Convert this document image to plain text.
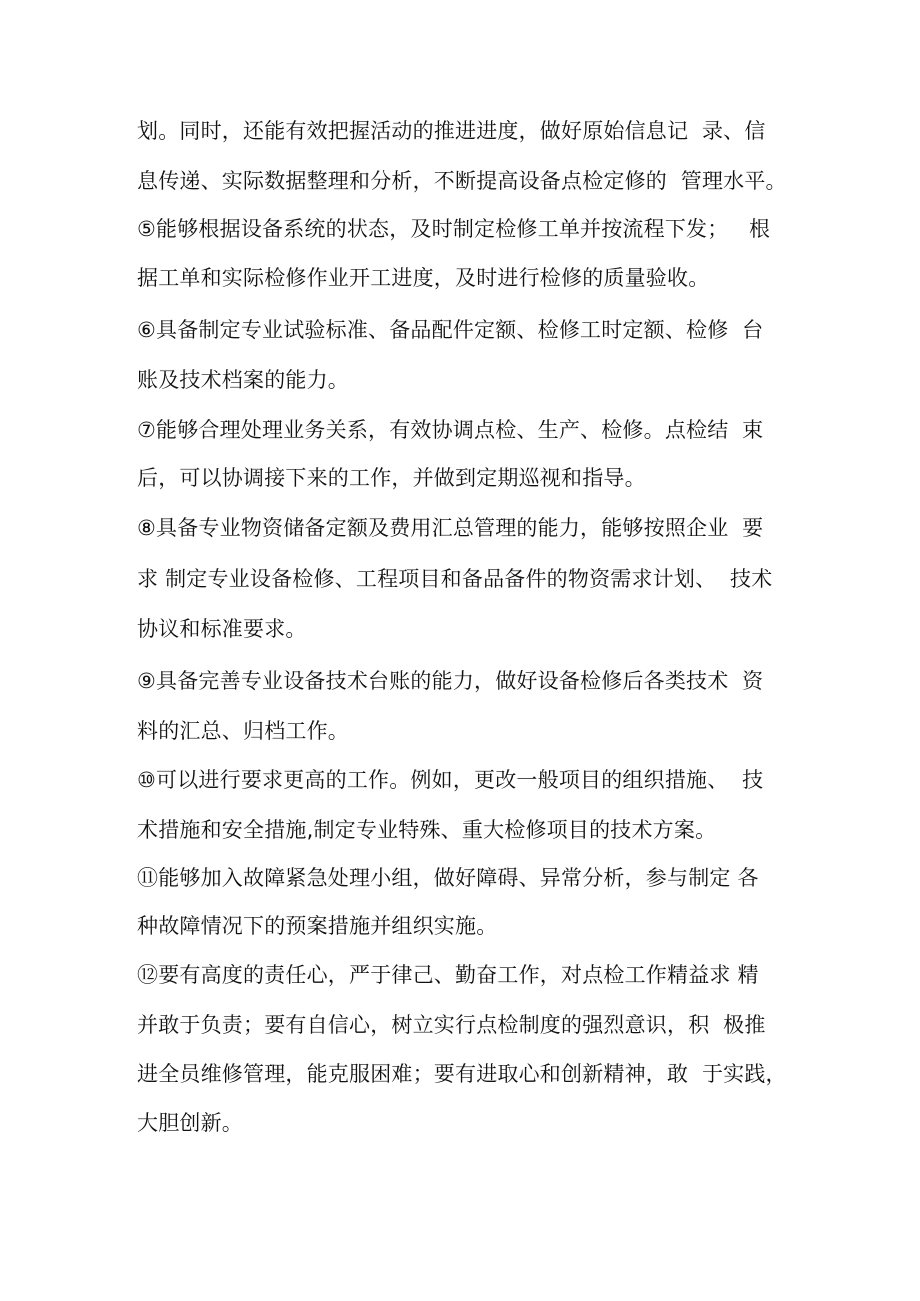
划。同时，还能有效把握活动的推进进度，做好原始信息记  录、信
息传递、实际数据整理和分析，不断提高设备点检定修的  管理水平。
⑤能够根据设备系统的状态，及时制定检修工单并按流程下发；   根
据工单和实际检修作业开工进度，及时进行检修的质量验收。
⑥具备制定专业试验标准、备品配件定额、检修工时定额、检修  台
账及技术档案的能力。
⑦能够合理处理业务关系，有效协调点检、生产、检修。点检结  束
后，可以协调接下来的工作，并做到定期巡视和指导。
⑧具备专业物资储备定额及费用汇总管理的能力，能够按照企业  要
求 制定专业设备检修、工程项目和备品备件的物资需求计划、  技术
协议和标准要求。
⑨具备完善专业设备技术台账的能力，做好设备检修后各类技术  资
料的汇总、归档工作。
⑩可以进行要求更高的工作。例如，更改一般项目的组织措施、  技
术措施和安全措施,制定专业特殊、重大检修项目的技术方案。
⑪能够加入故障紧急处理小组，做好障碍、异常分析，参与制定 各
种故障情况下的预案措施并组织实施。
⑫要有高度的责任心，严于律己、勤奋工作，对点检工作精益求 精
并敢于负责；要有自信心，树立实行点检制度的强烈意识，积  极推
进全员维修管理，能克服困难；要有进取心和创新精神，敢  于实践，
大胆创新。
